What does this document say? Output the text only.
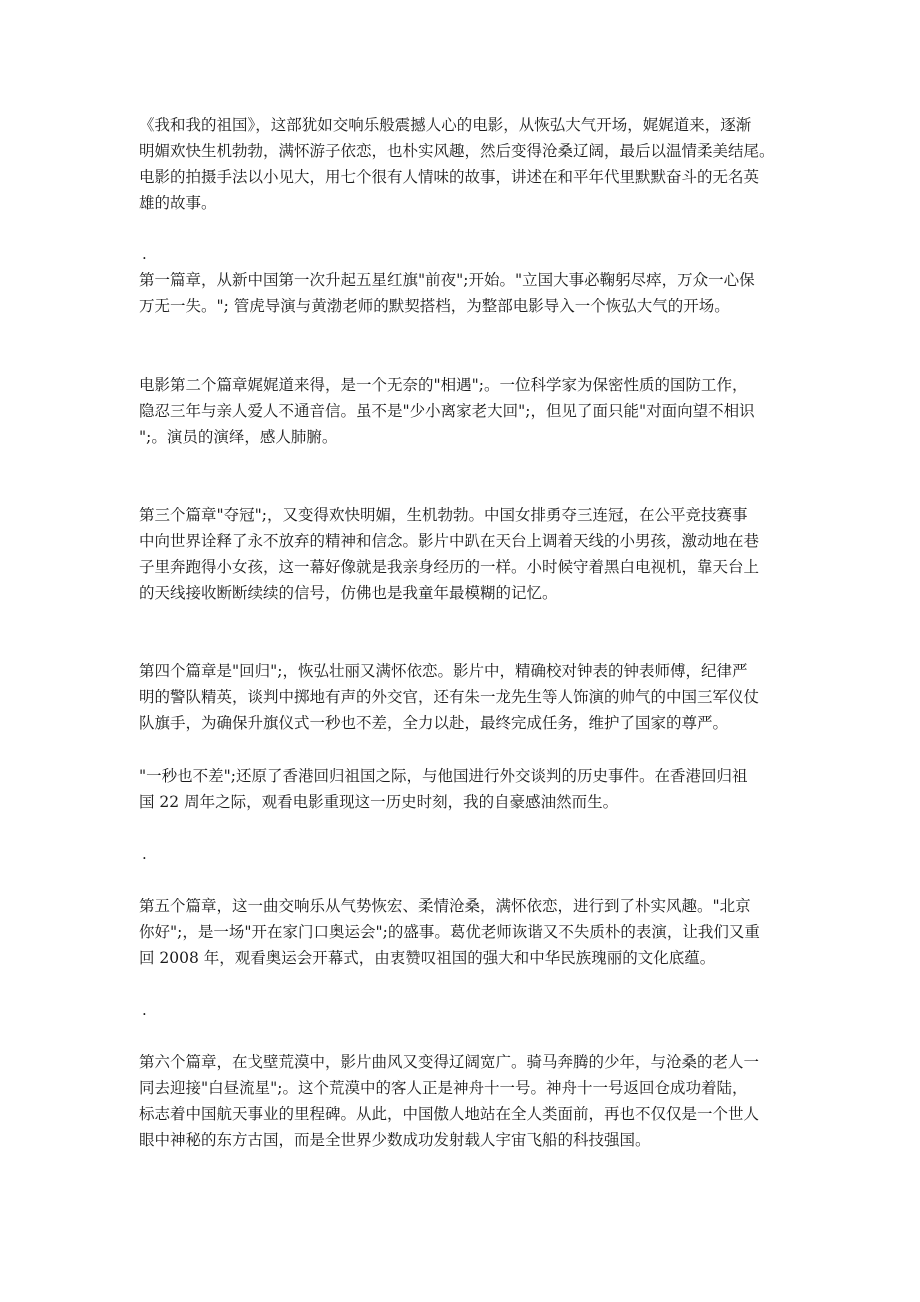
《我和我的祖国》，这部犹如交响乐般震撼人心的电影，从恢弘大气开场，娓娓道来，逐渐
明媚欢快生机勃勃，满怀游子依恋，也朴实风趣，然后变得沧桑辽阔，最后以温情柔美结尾。
电影的拍摄手法以小见大，用七个很有人情味的故事，讲述在和平年代里默默奋斗的无名英
雄的故事。

.

第一篇章，从新中国第一次升起五星红旗"前夜";开始。"立国大事必鞠躬尽瘁，万众一心保
万无一失。"; 管虎导演与黄渤老师的默契搭档，为整部电影导入一个恢弘大气的开场。

电影第二个篇章娓娓道来得，是一个无奈的"相遇";。一位科学家为保密性质的国防工作，
隐忍三年与亲人爱人不通音信。虽不是"少小离家老大回";，但见了面只能"对面向望不相识
";。演员的演绎，感人肺腑。

第三个篇章"夺冠";，又变得欢快明媚，生机勃勃。中国女排勇夺三连冠，在公平竞技赛事
中向世界诠释了永不放弃的精神和信念。影片中趴在天台上调着天线的小男孩，激动地在巷
子里奔跑得小女孩，这一幕好像就是我亲身经历的一样。小时候守着黑白电视机，靠天台上
的天线接收断断续续的信号，仿佛也是我童年最模糊的记忆。

第四个篇章是"回归";，恢弘壮丽又满怀依恋。影片中，精确校对钟表的钟表师傅，纪律严
明的警队精英，谈判中掷地有声的外交官，还有朱一龙先生等人饰演的帅气的中国三军仪仗
队旗手，为确保升旗仪式一秒也不差，全力以赴，最终完成任务，维护了国家的尊严。

"一秒也不差";还原了香港回归祖国之际，与他国进行外交谈判的历史事件。在香港回归祖
国 22 周年之际，观看电影重现这一历史时刻，我的自豪感油然而生。

.

第五个篇章，这一曲交响乐从气势恢宏、柔情沧桑，满怀依恋，进行到了朴实风趣。"北京
你好";，是一场"开在家门口奥运会";的盛事。葛优老师诙谐又不失质朴的表演，让我们又重
回 2008 年，观看奥运会开幕式，由衷赞叹祖国的强大和中华民族瑰丽的文化底蕴。

.

第六个篇章，在戈壁荒漠中，影片曲风又变得辽阔宽广。骑马奔腾的少年，与沧桑的老人一
同去迎接"白昼流星";。这个荒漠中的客人正是神舟十一号。神舟十一号返回仓成功着陆，
标志着中国航天事业的里程碑。从此，中国傲人地站在全人类面前，再也不仅仅是一个世人
眼中神秘的东方古国，而是全世界少数成功发射载人宇宙飞船的科技强国。
